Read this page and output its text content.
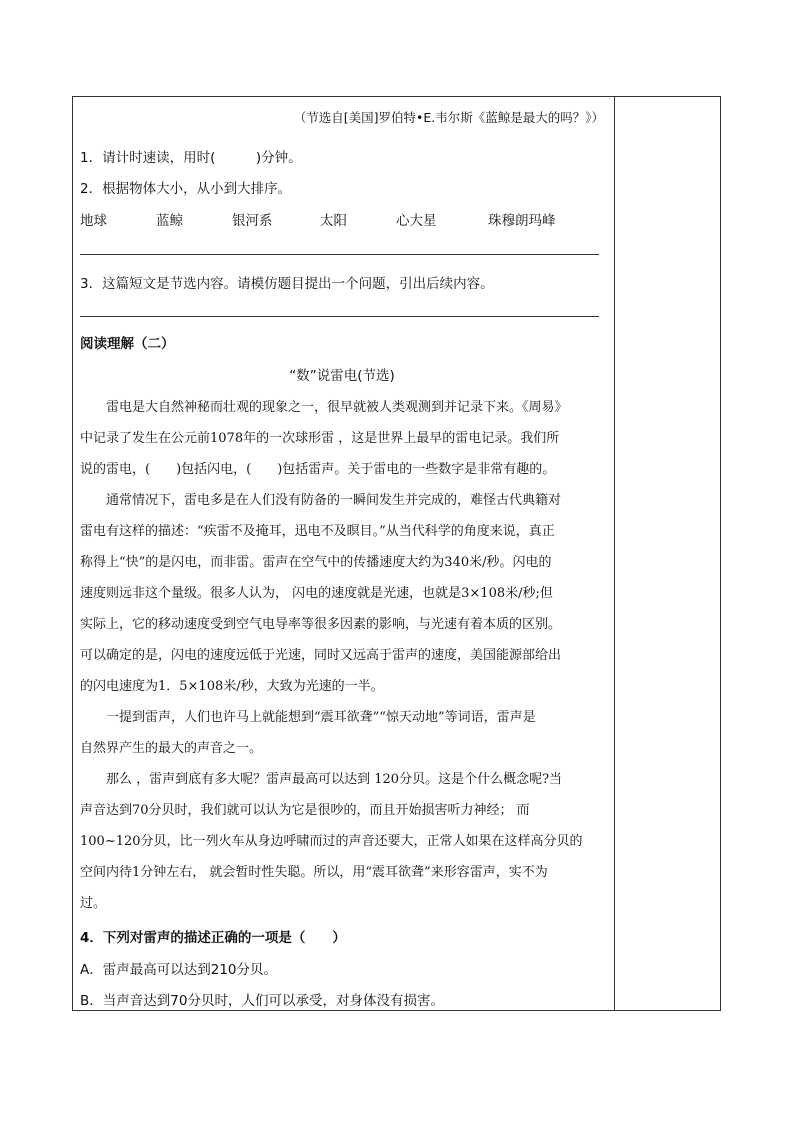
（节选自[美国]罗伯特•E.韦尔斯《蓝鲸是最大的吗？》）
1．请计时速读，用时(　　　)分钟。
2．根据物体大小，从小到大排序。
地球	蓝鲸	银河系	太阳	心大星	珠穆朗玛峰
3．这篇短文是节选内容。请模仿题目提出一个问题，引出后续内容。
阅读理解（二）
“数”说雷电(节选)
　　雷电是大自然神秘而壮观的现象之一，很早就被人类观测到并记录下来。《周易》
中记录了发生在公元前1078年的一次球形雷 ，这是世界上最早的雷电记录。我们所
说的雷电，(　　)包括闪电，(　　)包括雷声。关于雷电的一些数字是非常有趣的。
　　通常情况下，雷电多是在人们没有防备的一瞬间发生并完成的，难怪古代典籍对
雷电有这样的描述：“疾雷不及掩耳，迅电不及瞑目。”从当代科学的角度来说，真正
称得上“快”的是闪电，而非雷。雷声在空气中的传播速度大约为340米/秒。闪电的
速度则远非这个量级。很多人认为， 闪电的速度就是光速，也就是3×108米/秒;但
实际上，它的移动速度受到空气电导率等很多因素的影响，与光速有着本质的区别。
可以确定的是，闪电的速度远低于光速，同时又远高于雷声的速度，美国能源部给出
的闪电速度为1．5×108米/秒，大致为光速的一半。
　　一提到雷声，人们也许马上就能想到“震耳欲聋”“惊天动地”等词语，雷声是
自然界产生的最大的声音之一。
　　那么 ，雷声到底有多大呢？雷声最高可以达到 120分贝。这是个什么概念呢?当
声音达到70分贝时，我们就可以认为它是很吵的，而且开始损害听力神经； 而
100~120分贝，比一列火车从身边呼啸而过的声音还要大，正常人如果在这样高分贝的
空间内待1分钟左右， 就会暂时性失聪。所以，用“震耳欲聋”来形容雷声，实不为
过。
4．下列对雷声的描述正确的一项是（　　）
A．雷声最高可以达到210分贝。
B．当声音达到70分贝时，人们可以承受，对身体没有损害。
